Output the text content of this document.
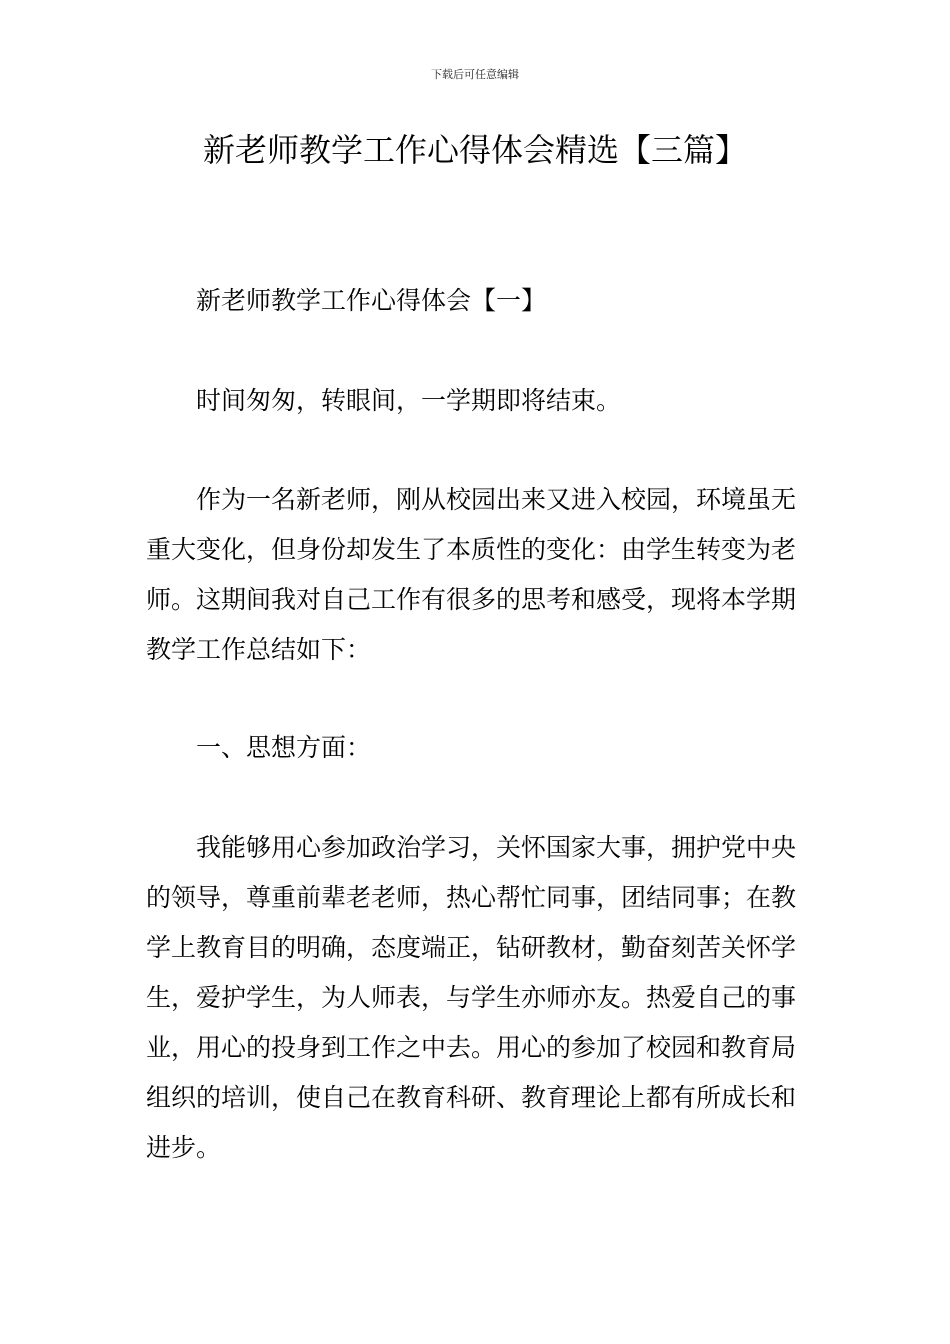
下载后可任意编辑
新老师教学工作心得体会精选【三篇】

新老师教学工作心得体会【一】

时间匆匆，转眼间，一学期即将结束。

作为一名新老师，刚从校园出来又进入校园，环境虽无重大变化，但身份却发生了本质性的变化：由学生转变为老师。这期间我对自己工作有很多的思考和感受，现将本学期教学工作总结如下：

一、思想方面：

我能够用心参加政治学习，关怀国家大事，拥护党中央的领导，尊重前辈老老师，热心帮忙同事，团结同事；在教学上教育目的明确，态度端正，钻研教材，勤奋刻苦关怀学生，爱护学生，为人师表，与学生亦师亦友。热爱自己的事业，用心的投身到工作之中去。用心的参加了校园和教育局组织的培训，使自己在教育科研、教育理论上都有所成长和进步。
